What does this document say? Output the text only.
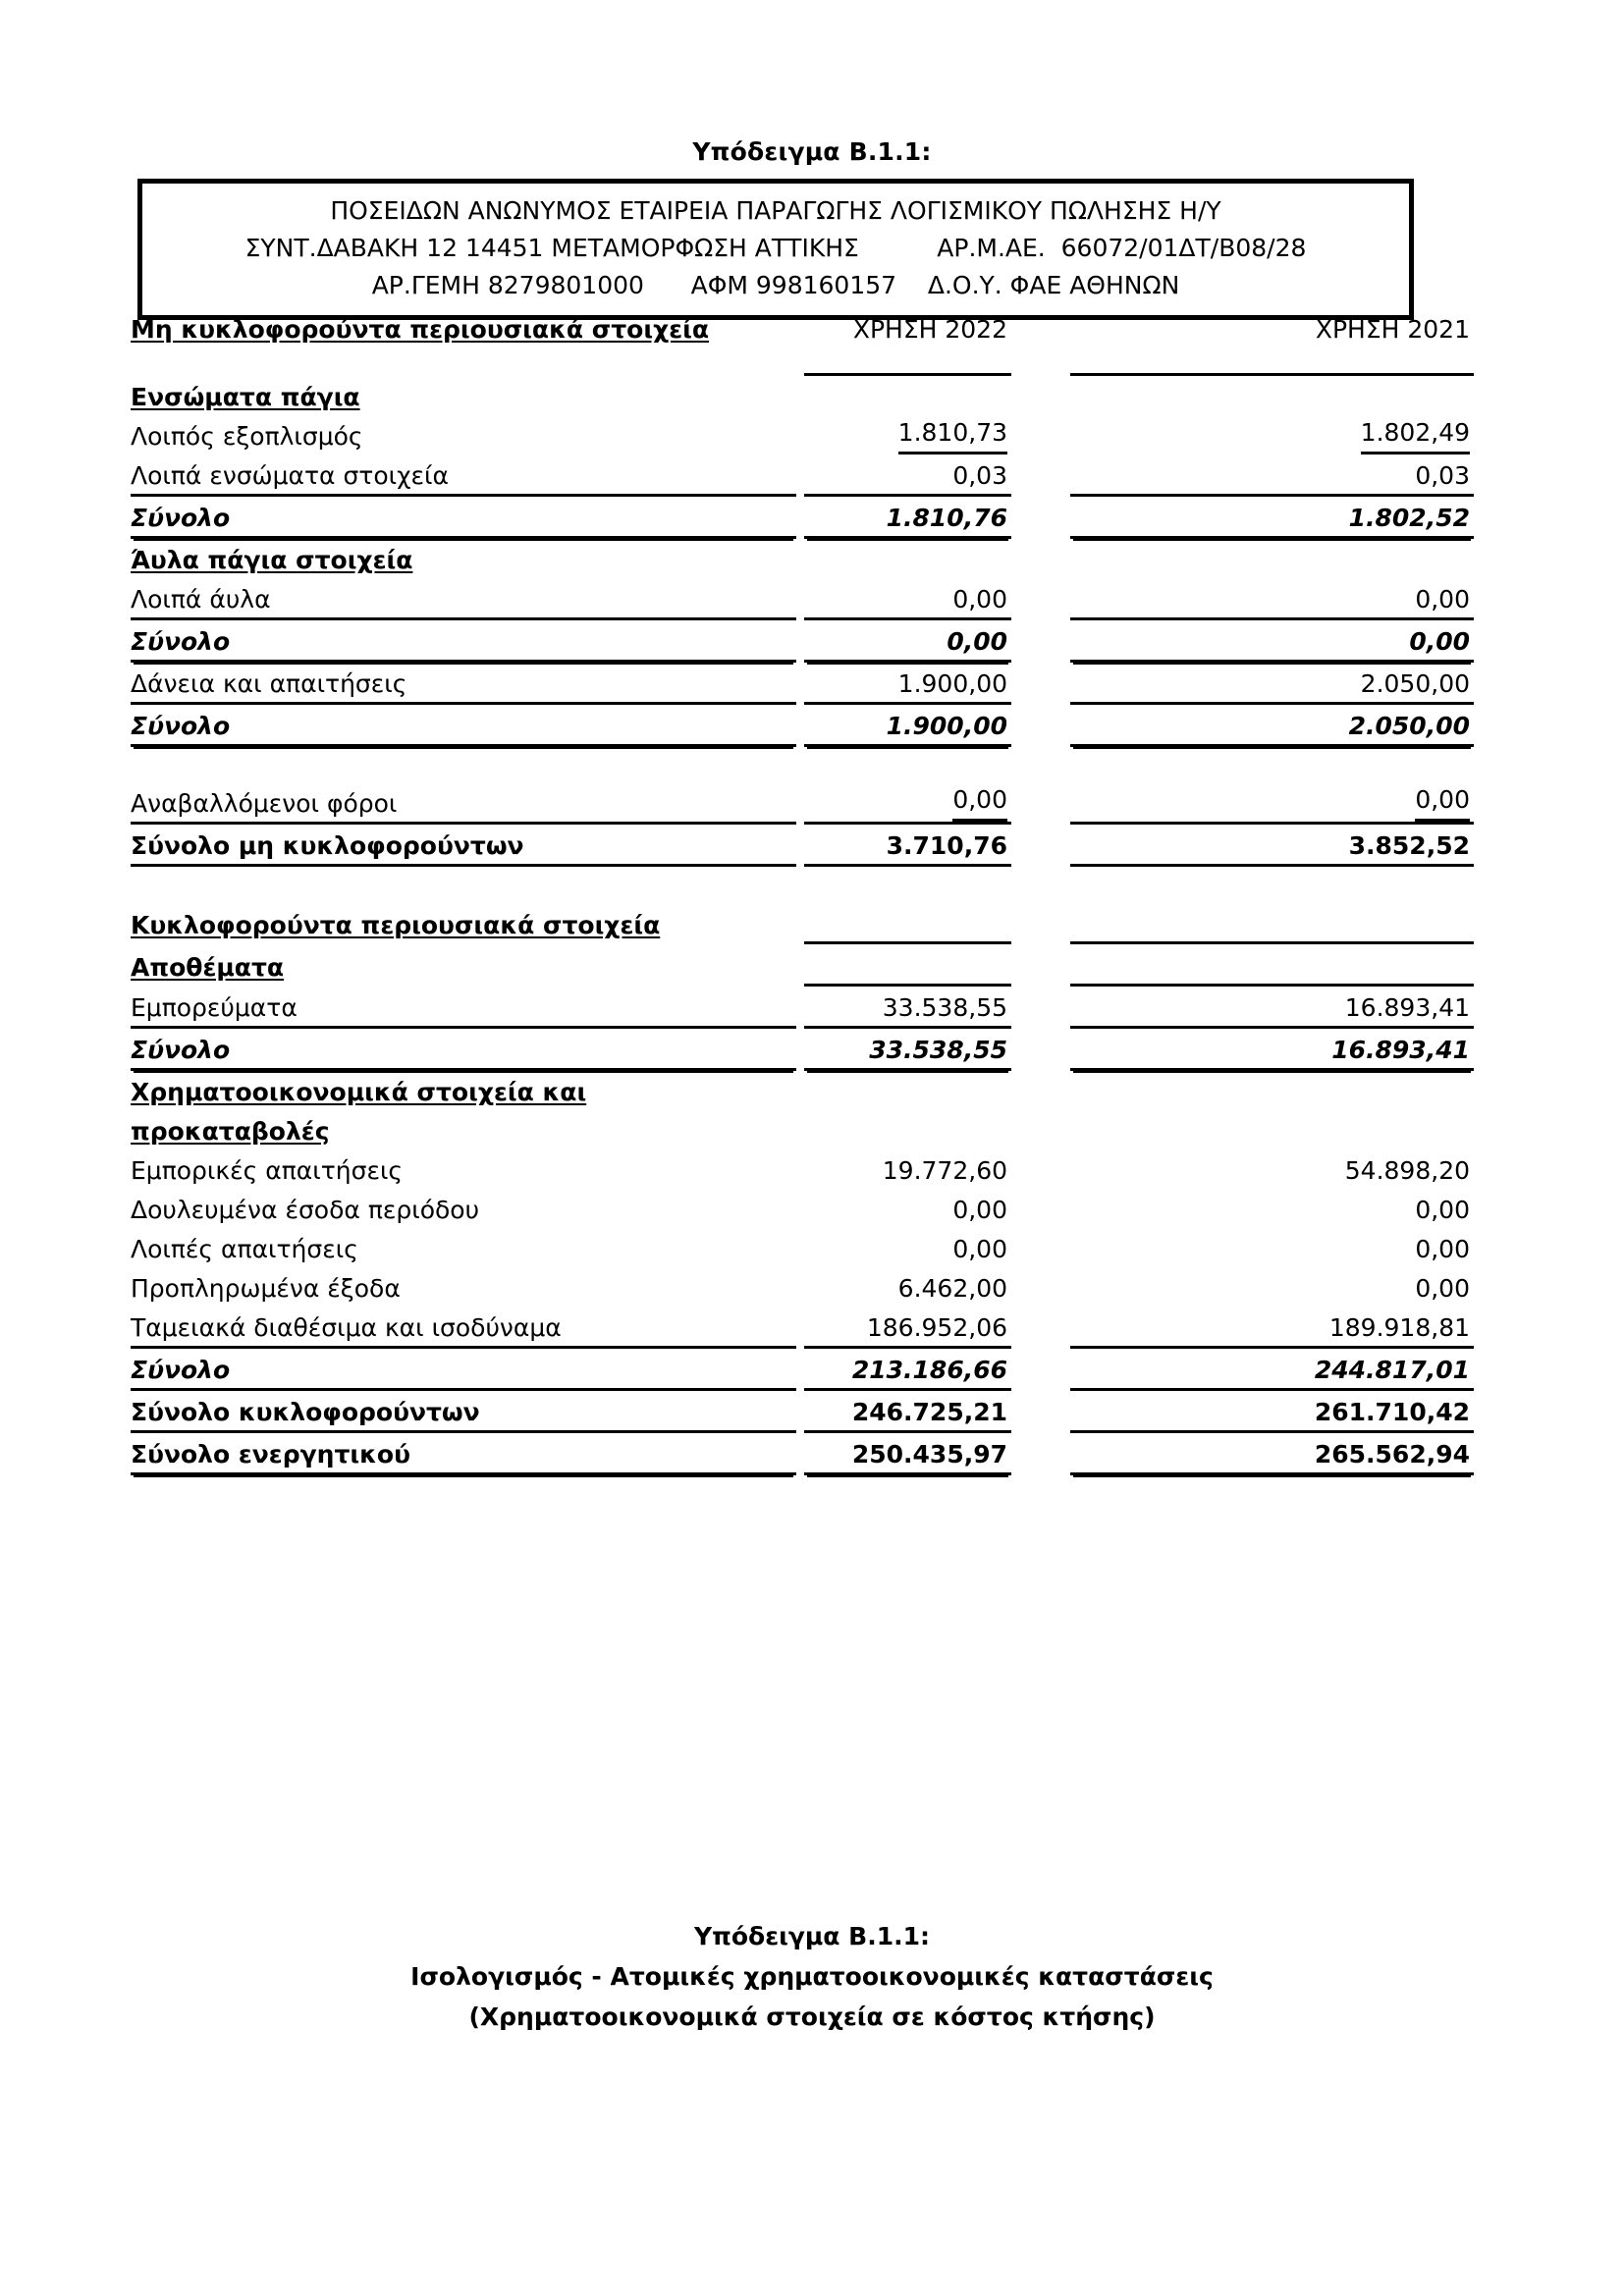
Υπόδειγμα Β.1.1:
ΠΟΣΕΙΔΩΝ ΑΝΩΝΥΜΟΣ ΕΤΑΙΡΕΙΑ ΠΑΡΑΓΩΓΗΣ ΛΟΓΙΣΜΙΚΟΥ ΠΩΛΗΣΗΣ Η/Υ
ΣΥΝΤ.ΔΑΒΑΚΗ 12 14451 ΜΕΤΑΜΟΡΦΩΣΗ ΑΤΤΙΚΗΣ          ΑΡ.Μ.ΑΕ.  66072/01ΔΤ/Β08/28
ΑΡ.ΓΕΜΗ 8279801000      ΑΦΜ 998160157    Δ.Ο.Υ. ΦΑΕ ΑΘΗΝΩΝ
Μη κυκλοφορούντα περιουσιακά στοιχεία		ΧΡΗΣΗ 2022		ΧΡΗΣΗ 2021

Ενσώματα πάγια				
Λοιπός εξοπλισμός		1.810,73		1.802,49
Λοιπά ενσώματα στοιχεία		0,03		0,03
Σύνολο		1.810,76		1.802,52
Άυλα πάγια στοιχεία				
Λοιπά άυλα		0,00		0,00
Σύνολο		0,00		0,00
Δάνεια και απαιτήσεις		1.900,00		2.050,00
Σύνολο		1.900,00		2.050,00

Αναβαλλόμενοι φόροι		0,00		0,00
Σύνολο μη κυκλοφορούντων		3.710,76		3.852,52

Κυκλοφορούντα περιουσιακά στοιχεία				
Αποθέματα				
Εμπορεύματα		33.538,55		16.893,41
Σύνολο		33.538,55		16.893,41
Χρηματοοικονομικά στοιχεία και				
προκαταβολές				
Εμπορικές απαιτήσεις		19.772,60		54.898,20
Δουλευμένα έσοδα περιόδου		0,00		0,00
Λοιπές απαιτήσεις		0,00		0,00
Προπληρωμένα έξοδα		6.462,00		0,00
Ταμειακά διαθέσιμα και ισοδύναμα		186.952,06		189.918,81
Σύνολο		213.186,66		244.817,01
Σύνολο κυκλοφορούντων		246.725,21		261.710,42
Σύνολο ενεργητικού		250.435,97		265.562,94
Υπόδειγμα Β.1.1:
Ισολογισμός - Ατομικές χρηματοοικονομικές καταστάσεις
(Χρηματοοικονομικά στοιχεία σε κόστος κτήσης)
